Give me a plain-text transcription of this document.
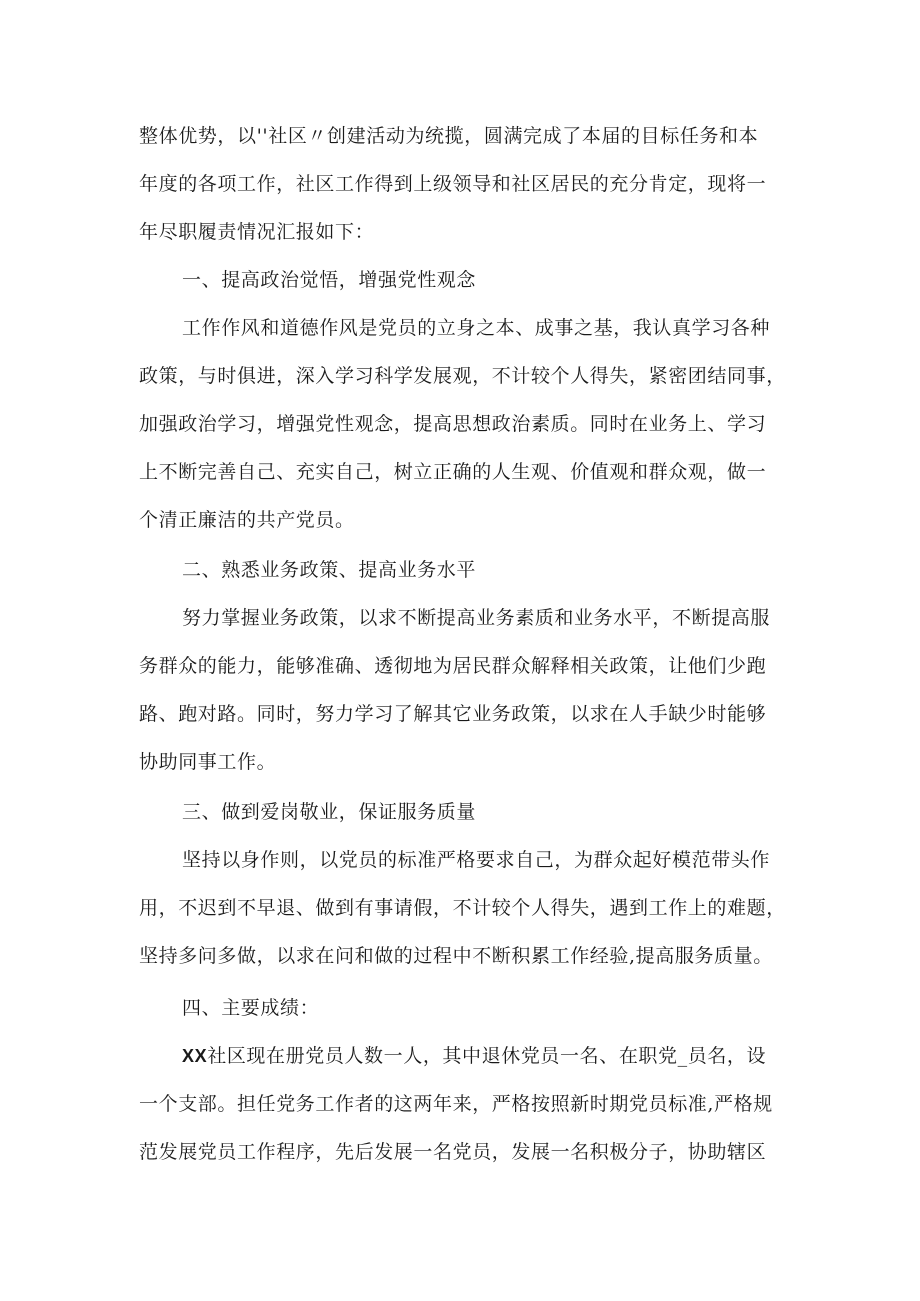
整体优势，以''社区〃创建活动为统揽，圆满完成了本届的目标任务和本
年度的各项工作，社区工作得到上级领导和社区居民的充分肯定，现将一
年尽职履责情况汇报如下：
一、提高政治觉悟，增强党性观念
工作作风和道德作风是党员的立身之本、成事之基，我认真学习各种
政策，与时俱进，深入学习科学发展观，不计较个人得失，紧密团结同事，
加强政治学习，增强党性观念，提高思想政治素质。同时在业务上、学习
上不断完善自己、充实自己，树立正确的人生观、价值观和群众观，做一
个清正廉洁的共产党员。
二、熟悉业务政策、提高业务水平
努力掌握业务政策，以求不断提高业务素质和业务水平，不断提高服
务群众的能力，能够准确、透彻地为居民群众解释相关政策，让他们少跑
路、跑对路。同时，努力学习了解其它业务政策，以求在人手缺少时能够
协助同事工作。
三、做到爱岗敬业，保证服务质量
坚持以身作则，以党员的标准严格要求自己，为群众起好模范带头作
用，不迟到不早退、做到有事请假，不计较个人得失，遇到工作上的难题，
坚持多问多做，以求在问和做的过程中不断积累工作经验,提高服务质量。
四、主要成绩：
XX社区现在册党员人数一人，其中退休党员一名、在职党_员名，设
一个支部。担任党务工作者的这两年来，严格按照新时期党员标准,严格规
范发展党员工作程序，先后发展一名党员，发展一名积极分子，协助辖区
